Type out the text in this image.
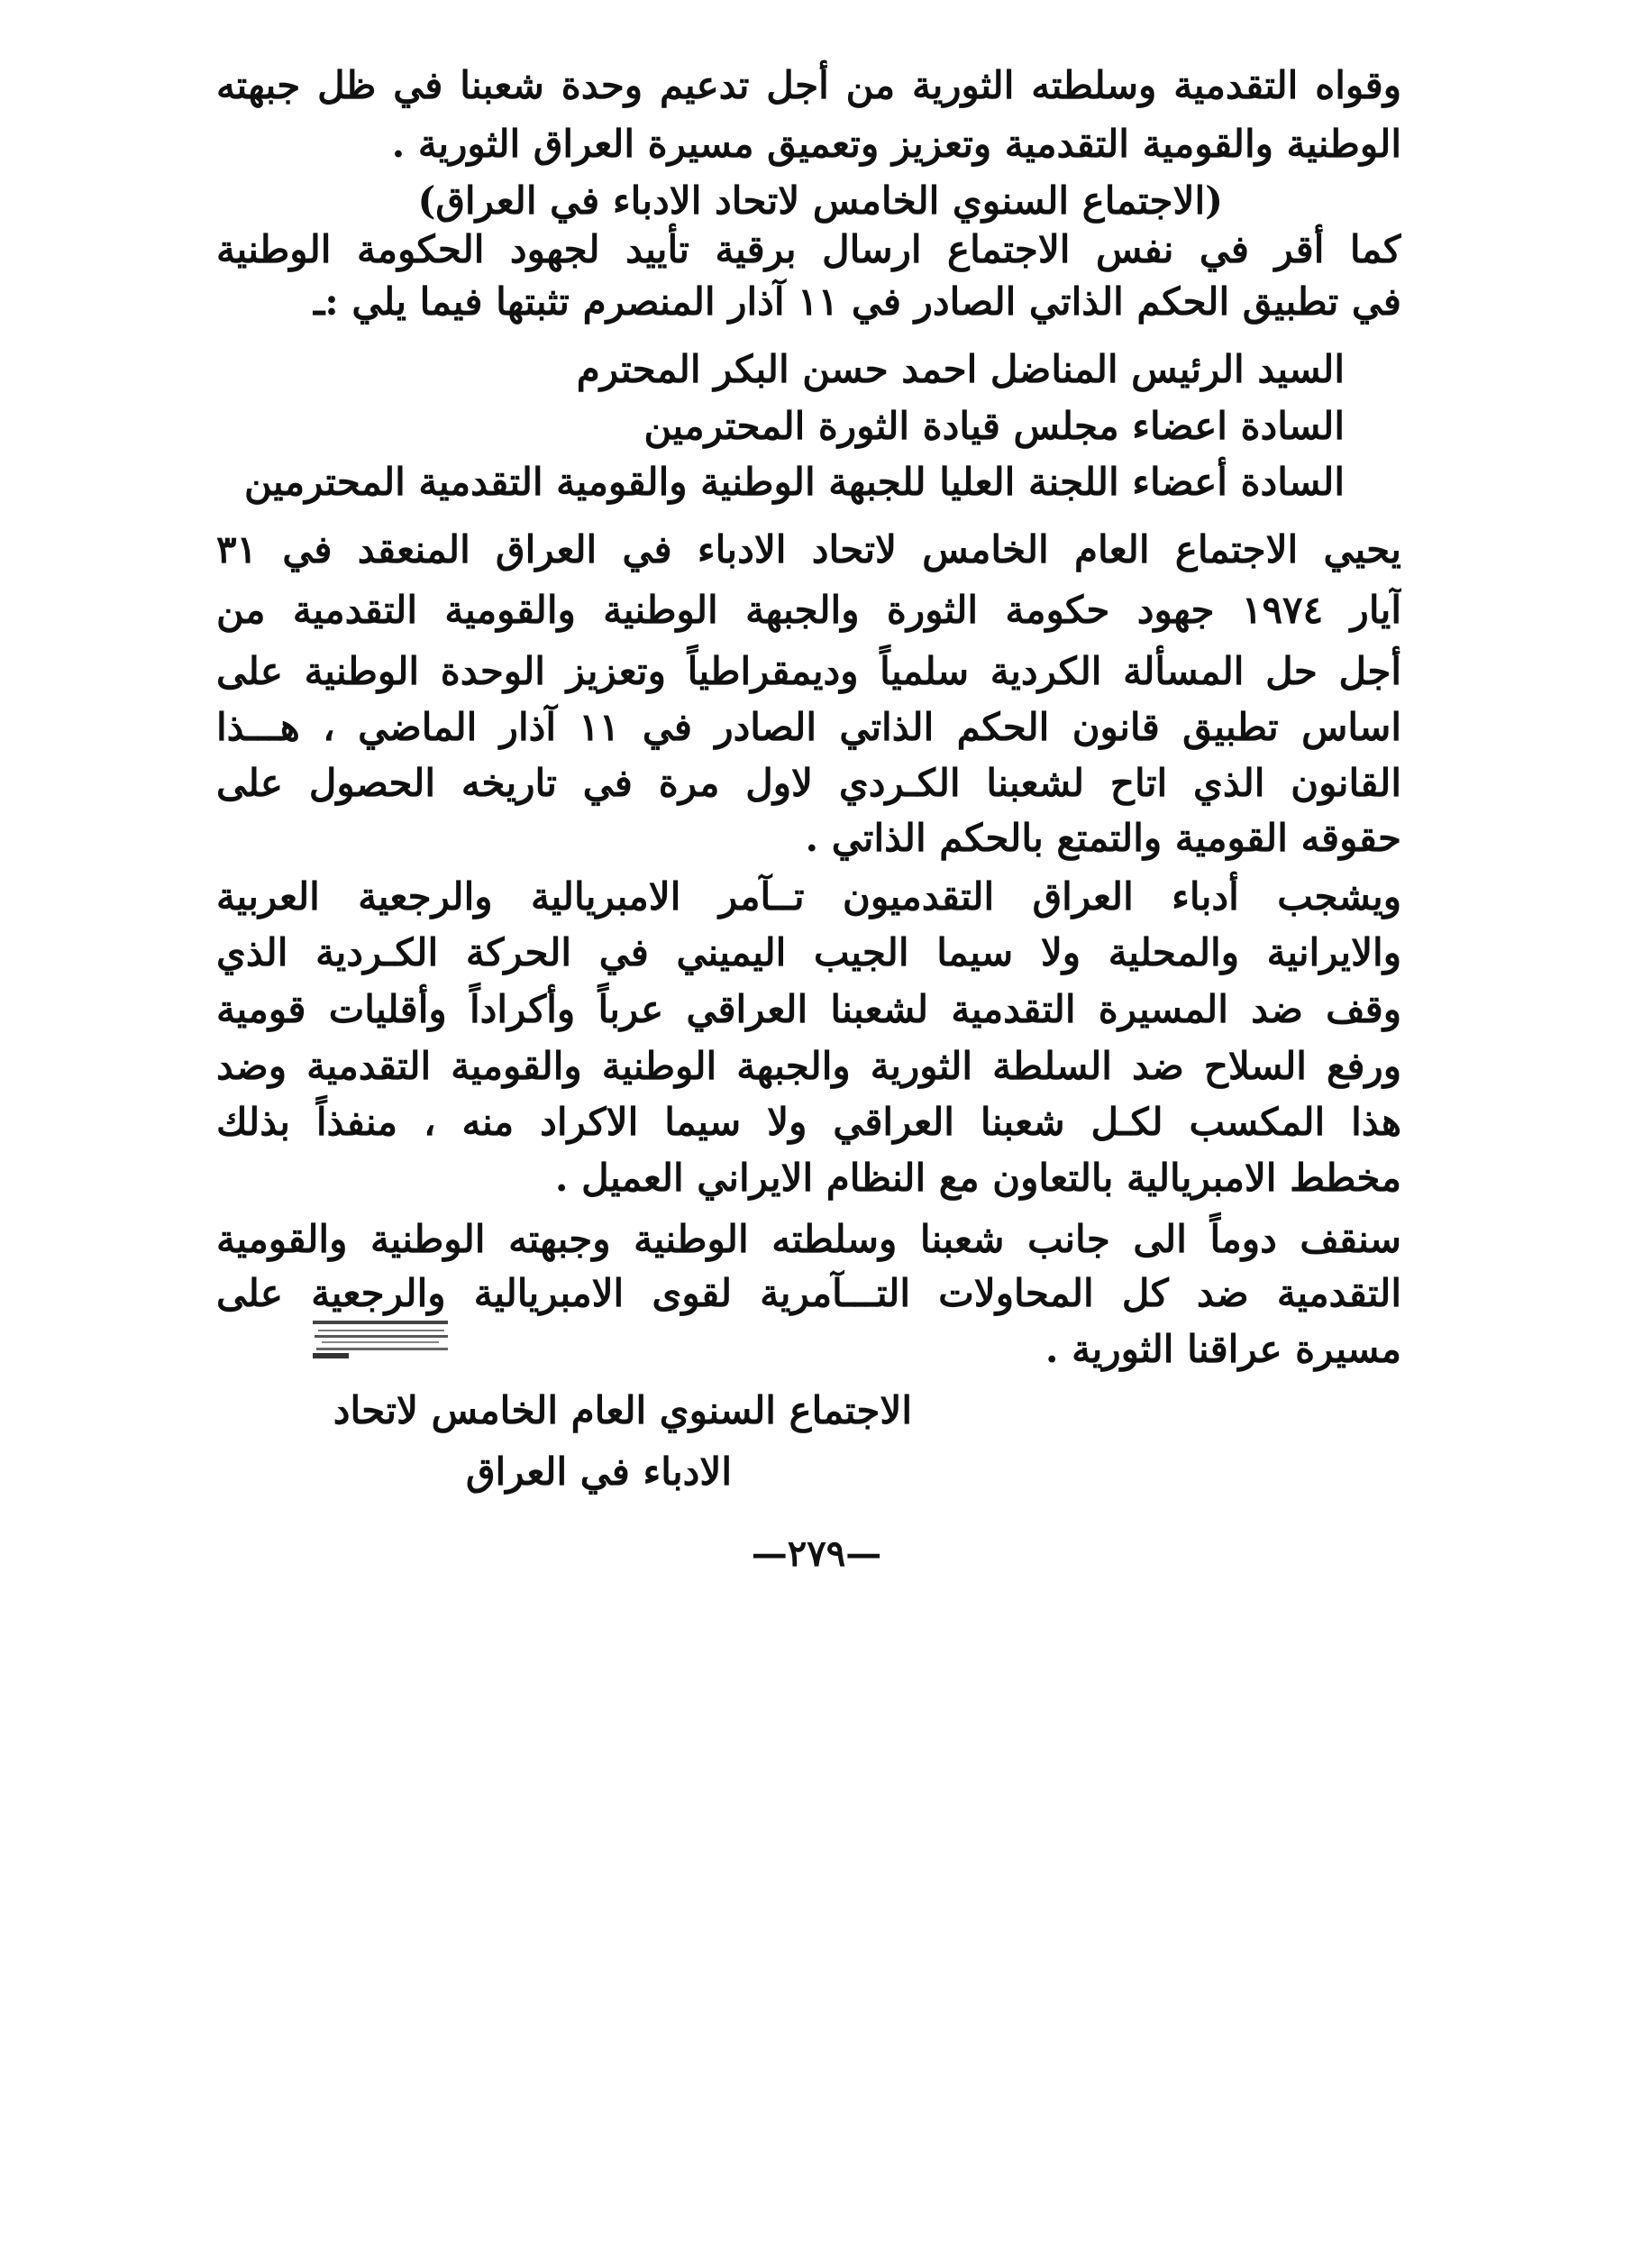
وقواه التقدمية وسلطته الثورية من أجل تدعيم وحدة شعبنا في ظل جبهته
الوطنية والقومية التقدمية وتعزيز وتعميق مسيرة العراق الثورية .
(الاجتماع السنوي الخامس لاتحاد الادباء في العراق)
كما أقر في نفس الاجتماع ارسال برقية تأييد لجهود الحكومة الوطنية
في تطبيق الحكم الذاتي الصادر في ١١ آذار المنصرم تثبتها فيما يلي :ـ
السيد الرئيس المناضل احمد حسن البكر المحترم
السادة اعضاء مجلس قيادة الثورة المحترمين
السادة أعضاء اللجنة العليا للجبهة الوطنية والقومية التقدمية المحترمين
يحيي الاجتماع العام الخامس لاتحاد الادباء في العراق المنعقد في ٣١
آيار ١٩٧٤ جهود حكومة الثورة والجبهة الوطنية والقومية التقدمية من
أجل حل المسألة الكردية سلمياً وديمقراطياً وتعزيز الوحدة الوطنية على
اساس تطبيق قانون الحكم الذاتي الصادر في ١١ آذار الماضي ، هـــذا
القانون الذي اتاح لشعبنا الكـردي لاول مرة في تاريخه الحصول على
حقوقه القومية والتمتع بالحكم الذاتي .
ويشجب أدباء العراق التقدميون تــآمر الامبريالية والرجعية العربية
والايرانية والمحلية ولا سيما الجيب اليميني في الحركة الكـردية الذي
وقف ضد المسيرة التقدمية لشعبنا العراقي عرباً وأكراداً وأقليات قومية
ورفع السلاح ضد السلطة الثورية والجبهة الوطنية والقومية التقدمية وضد
هذا المكسب لكـل شعبنا العراقي ولا سيما الاكراد منه ، منفذاً بذلك
مخطط الامبريالية بالتعاون مع النظام الايراني العميل .
سنقف دوماً الى جانب شعبنا وسلطته الوطنية وجبهته الوطنية والقومية
التقدمية ضد كل المحاولات التـــآمرية لقوى الامبريالية والرجعية على
مسيرة عراقنا الثورية .
الاجتماع السنوي العام الخامس لاتحاد
الادباء في العراق
—٢٧٩—
